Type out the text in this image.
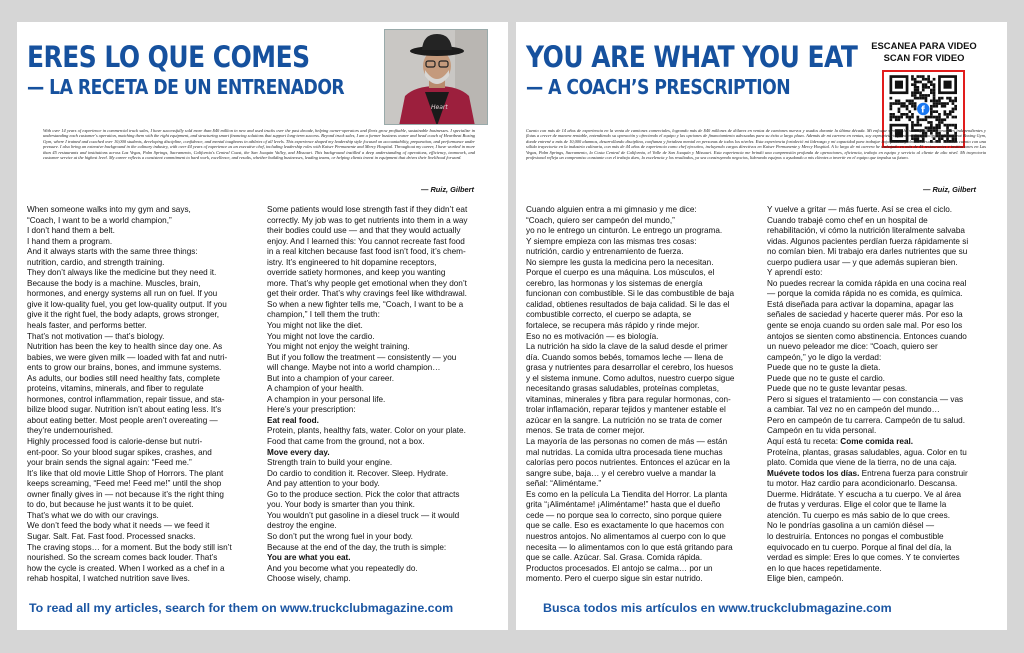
ERES LO QUE COMES
— LA RECETA DE UN ENTRENADOR
Heart
With over 14 years of experience in commercial truck sales, I have successfully sold more than $40 million in new and used trucks over the past decade, helping owner-operators and fleets grow profitable, sustainable businesses. I specialize in understanding each customer's operation, matching them with the right equipment, and structuring smart financing solutions that support long-term success. Beyond truck sales, I am a former business owner and head coach of Heartbeat Boxing Gym, where I trained and coached over 10,000 students, developing discipline, confidence, and mental toughness in athletes of all levels. This experience shaped my leadership style focused on accountability, preparation, and performance under pressure. I also bring an extensive background in the culinary industry, with over 44 years of experience as an executive chef, including leadership roles with Kaiser Permanente and Mercy Hospital. Throughout my career, I have worked in more than 45 restaurants and institutions across Las Vegas, Palm Springs, Sacramento, California's Central Coast, the San Joaquin Valley, and Missouri. This background instilled a deep understanding of operations, efficiency, teamwork, and customer service at the highest level. My career reflects a consistent commitment to hard work, excellence, and results, whether building businesses, leading teams, or helping clients invest in equipment that drives their livelihood forward.
— Ruiz, Gilbert
When someone walks into my gym and says,
“Coach, I want to be a world champion,”
I don’t hand them a belt.
I hand them a program.
And it always starts with the same three things:
nutrition, cardio, and strength training.
They don’t always like the medicine but they need it.
Because the body is a machine. Muscles, brain,
hormones, and energy systems all run on fuel. If you
give it low-quality fuel, you get low-quality output. If you
give it the right fuel, the body adapts, grows stronger,
heals faster, and performs better.
That’s not motivation — that’s biology.
Nutrition has been the key to health since day one. As
babies, we were given milk — loaded with fat and nutri-
ents to grow our brains, bones, and immune systems.
As adults, our bodies still need healthy fats, complete
proteins, vitamins, minerals, and fiber to regulate
hormones, control inflammation, repair tissue, and sta-
bilize blood sugar. Nutrition isn’t about eating less. It’s
about eating better. Most people aren’t overeating —
they’re undernourished.
Highly processed food is calorie-dense but nutri-
ent-poor. So your blood sugar spikes, crashes, and
your brain sends the signal again: “Feed me.”
It’s like that old movie Little Shop of Horrors. The plant
keeps screaming, “Feed me! Feed me!” until the shop
owner finally gives in — not because it’s the right thing
to do, but because he just wants it to be quiet.
That’s what we do with our cravings.
We don’t feed the body what it needs — we feed it
Sugar. Salt. Fat. Fast food. Processed snacks.
The craving stops… for a moment. But the body still isn’t
nourished. So the scream comes back louder. That’s
how the cycle is created. When I worked as a chef in a
rehab hospital, I watched nutrition save lives.
Some patients would lose strength fast if they didn’t eat
correctly. My job was to get nutrients into them in a way
their bodies could use — and that they would actually
enjoy. And I learned this: You cannot recreate fast food
in a real kitchen because fast food isn’t food, it’s chem-
istry. It’s engineered to hit dopamine receptors,
override satiety hormones, and keep you wanting
more. That’s why people get emotional when they don’t
get their order. That’s why cravings feel like withdrawal.
So when a new fighter tells me, “Coach, I want to be a
champion,” I tell them the truth:
You might not like the diet.
You might not love the cardio.
You might not enjoy the weight training.
But if you follow the treatment — consistently — you
will change. Maybe not into a world champion…
But into a champion of your career.
A champion of your health.
A champion in your personal life.
Here’s your prescription:
Eat real food.
Protein, plants, healthy fats, water. Color on your plate.
Food that came from the ground, not a box.
Move every day.
Strength train to build your engine.
Do cardio to condition it. Recover. Sleep. Hydrate.
And pay attention to your body.
Go to the produce section. Pick the color that attracts
you. Your body is smarter than you think.
You wouldn’t put gasoline in a diesel truck — it would
destroy the engine.
So don’t put the wrong fuel in your body.
Because at the end of the day, the truth is simple:
You are what you eat.
And you become what you repeatedly do.
Choose wisely, champ.
To read all my articles, search for them on www.truckclubmagazine.com
YOU ARE WHAT YOU EAT
— A COACH’S PRESCRIPTION
ESCANEA PARA VIDEO
SCAN FOR VIDEO
f
Cuento con más de 14 años de experiencia en la venta de camiones comerciales, logrando más de $40 millones de dólares en ventas de camiones nuevos y usados durante la última década. Mi enfoque siempre ha sido ayudar a operadores independientes y flotas a crecer de manera rentable, entendiendo su operación y ofreciendo el equipo y las opciones de financiamiento adecuadas para su éxito a largo plazo. Además de mi carrera en ventas, soy expropietario y entrenador principal de Heartbeat Boxing Gym, donde entrené a más de 10,000 alumnos, desarrollando disciplina, confianza y fortaleza mental en personas de todos los niveles. Esta experiencia fortaleció mi liderazgo y mi capacidad para trabajar bajo presión y obtener resultados. También cuento con una sólida trayectoria en la industria culinaria, con más de 44 años de experiencia como chef ejecutivo, incluyendo cargos directivos en Kaiser Permanente y Mercy Hospital. A lo largo de mi carrera he trabajado en más de 45 restaurantes e instituciones en Las Vegas, Palm Springs, Sacramento, la Costa Central de California, el Valle de San Joaquín y Missouri. Esta experiencia me brindó una comprensión profunda de operaciones, eficiencia, trabajo en equipo y servicio al cliente de alto nivel. Mi trayectoria profesional refleja un compromiso constante con el trabajo duro, la excelencia y los resultados, ya sea construyendo negocios, liderando equipos o ayudando a mis clientes a invertir en el equipo que impulsa su futuro.
— Ruiz, Gilbert
Cuando alguien entra a mi gimnasio y me dice:
“Coach, quiero ser campeón del mundo,”
yo no le entrego un cinturón. Le entrego un programa.
Y siempre empieza con las mismas tres cosas:
nutrición, cardio y entrenamiento de fuerza.
No siempre les gusta la medicina pero la necesitan.
Porque el cuerpo es una máquina. Los músculos, el
cerebro, las hormonas y los sistemas de energía
funcionan con combustible. Si le das combustible de baja
calidad, obtienes resultados de baja calidad. Si le das el
combustible correcto, el cuerpo se adapta, se
fortalece, se recupera más rápido y rinde mejor.
Eso no es motivación — es biología.
La nutrición ha sido la clave de la salud desde el primer
día. Cuando somos bebés, tomamos leche — llena de
grasa y nutrientes para desarrollar el cerebro, los huesos
y el sistema inmune. Como adultos, nuestro cuerpo sigue
necesitando grasas saludables, proteínas completas,
vitaminas, minerales y fibra para regular hormonas, con-
trolar inflamación, reparar tejidos y mantener estable el
azúcar en la sangre. La nutrición no se trata de comer
menos. Se trata de comer mejor.
La mayoría de las personas no comen de más — están
mal nutridas. La comida ultra procesada tiene muchas
calorías pero pocos nutrientes. Entonces el azúcar en la
sangre sube, baja… y el cerebro vuelve a mandar la
señal: “Aliméntame.”
Es como en la película La Tiendita del Horror. La planta
grita “¡Aliméntame! ¡Aliméntame!” hasta que el dueño
cede — no porque sea lo correcto, sino porque quiere
que se calle. Eso es exactamente lo que hacemos con
nuestros antojos. No alimentamos al cuerpo con lo que
necesita — lo alimentamos con lo que está gritando para
que se calle. Azúcar. Sal. Grasa. Comida rápida.
Productos procesados. El antojo se calma… por un
momento. Pero el cuerpo sigue sin estar nutrido.
Y vuelve a gritar — más fuerte. Así se crea el ciclo.
Cuando trabajé como chef en un hospital de
rehabilitación, vi cómo la nutrición literalmente salvaba
vidas. Algunos pacientes perdían fuerza rápidamente si
no comían bien. Mi trabajo era darles nutrientes que su
cuerpo pudiera usar — y que además supieran bien.
Y aprendí esto:
No puedes recrear la comida rápida en una cocina real
— porque la comida rápida no es comida, es química.
Está diseñada para activar la dopamina, apagar las
señales de saciedad y hacerte querer más. Por eso la
gente se enoja cuando su orden sale mal. Por eso los
antojos se sienten como abstinencia. Entonces cuando
un nuevo peleador me dice: “Coach, quiero ser
campeón,” yo le digo la verdad:
Puede que no te guste la dieta.
Puede que no te guste el cardio.
Puede que no te guste levantar pesas.
Pero si sigues el tratamiento — con constancia — vas
a cambiar. Tal vez no en campeón del mundo…
Pero en campeón de tu carrera. Campeón de tu salud.
Campeón en tu vida personal.
Aquí está tu receta: Come comida real.
Proteína, plantas, grasas saludables, agua. Color en tu
plato. Comida que viene de la tierra, no de una caja.
Muévete todos los días. Entrena fuerza para construir
tu motor. Haz cardio para acondicionarlo. Descansa.
Duerme. Hidrátate. Y escucha a tu cuerpo. Ve al área
de frutas y verduras. Elige el color que te llame la
atención. Tu cuerpo es más sabio de lo que crees.
No le pondrías gasolina a un camión diésel —
lo destruiría. Entonces no pongas el combustible
equivocado en tu cuerpo. Porque al final del día, la
verdad es simple: Eres lo que comes. Y te conviertes
en lo que haces repetidamente.
Elige bien, campeón.
Busca todos mis artículos en www.truckclubmagazine.com
